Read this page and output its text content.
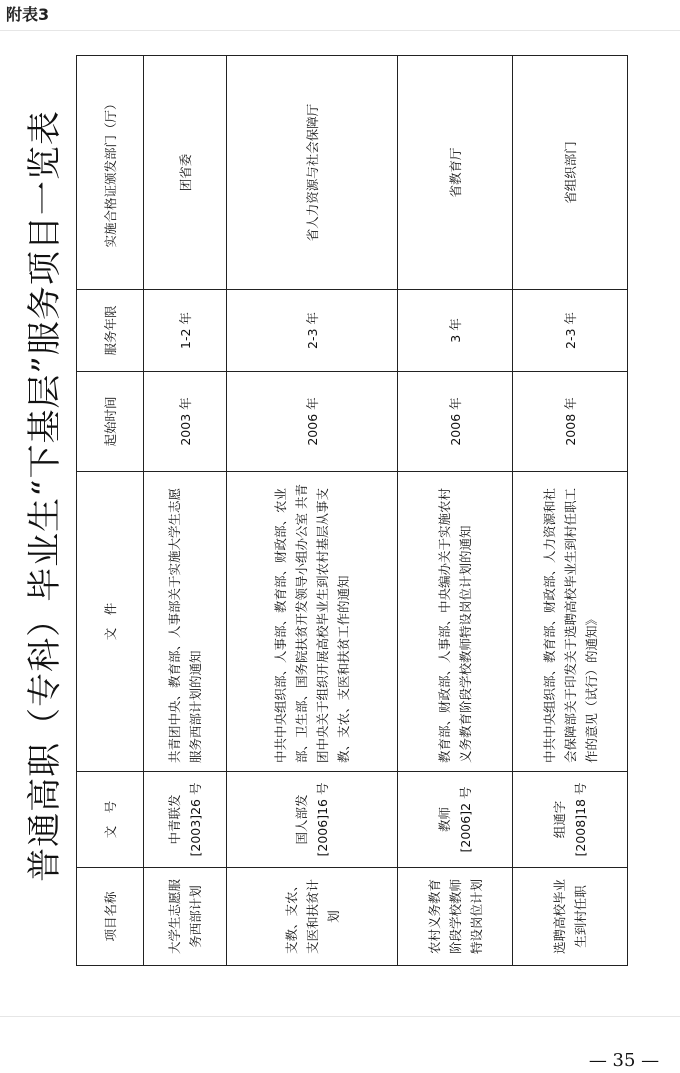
附表3
普通高职（专科）毕业生“下基层”服务项目一览表
项目名称	文　号	文　件	起始时间	服务年限	实施合格证颁发部门（厅）
大学生志愿服务西部计划	中青联发 [2003]26 号	共青团中央、教育部、人事部关于实施大学生志愿服务西部计划的通知	2003 年	1-2 年	团省委
支教、支农、支医和扶贫计划	国人部发 [2006]16 号	中共中央组织部、人事部、教育部、财政部、农业部、卫生部、国务院扶贫开发领导小组办公室 共青团中央关于组织开展高校毕业生到农村基层从事支教、支农、支医和扶贫工作的通知	2006 年	2-3 年	省人力资源与社会保障厅
农村义务教育阶段学校教师特设岗位计划	教师 [2006]2 号	教育部、财政部、人事部、中央编办关于实施农村义务教育阶段学校教师特设岗位计划的通知	2006 年	3 年	省教育厅
选聘高校毕业生到村任职	组通字 [2008]18 号	中共中央组织部、教育部、财政部、人力资源和社会保障部关于印发关于选聘高校毕业生到村任职工作的意见（试行）的通知》	2008 年	2-3 年	省组织部门
— 35 —
